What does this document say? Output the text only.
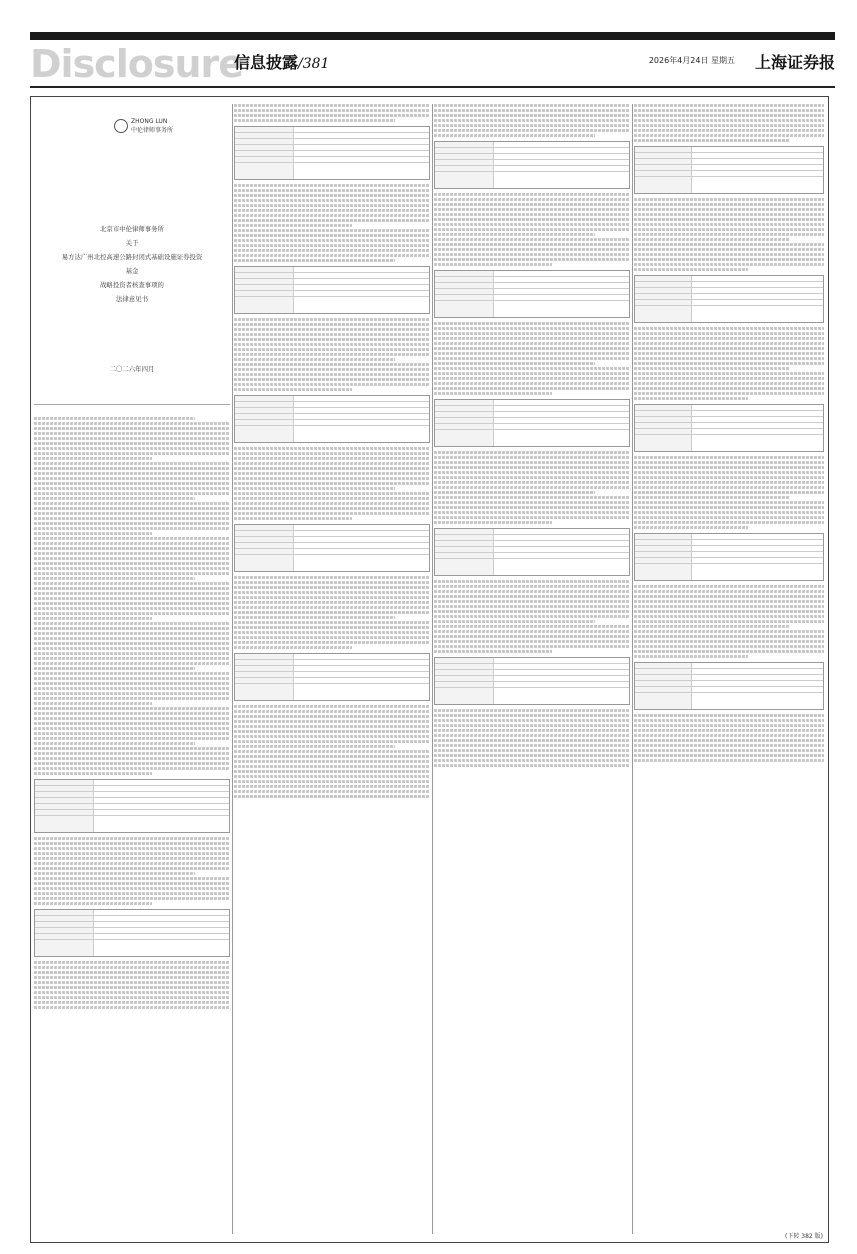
Disclosure
信息披露/381	2026年4月24日 星期五 上海证券报
ZHONG LUN
中伦律师事务所
北京市中伦律师事务所
关于
易方达广州北控高速公路封闭式基础设施证券投资
基金
战略投资者核查事项的
法律意见书
二〇二六年四月

(下转 382 版)
